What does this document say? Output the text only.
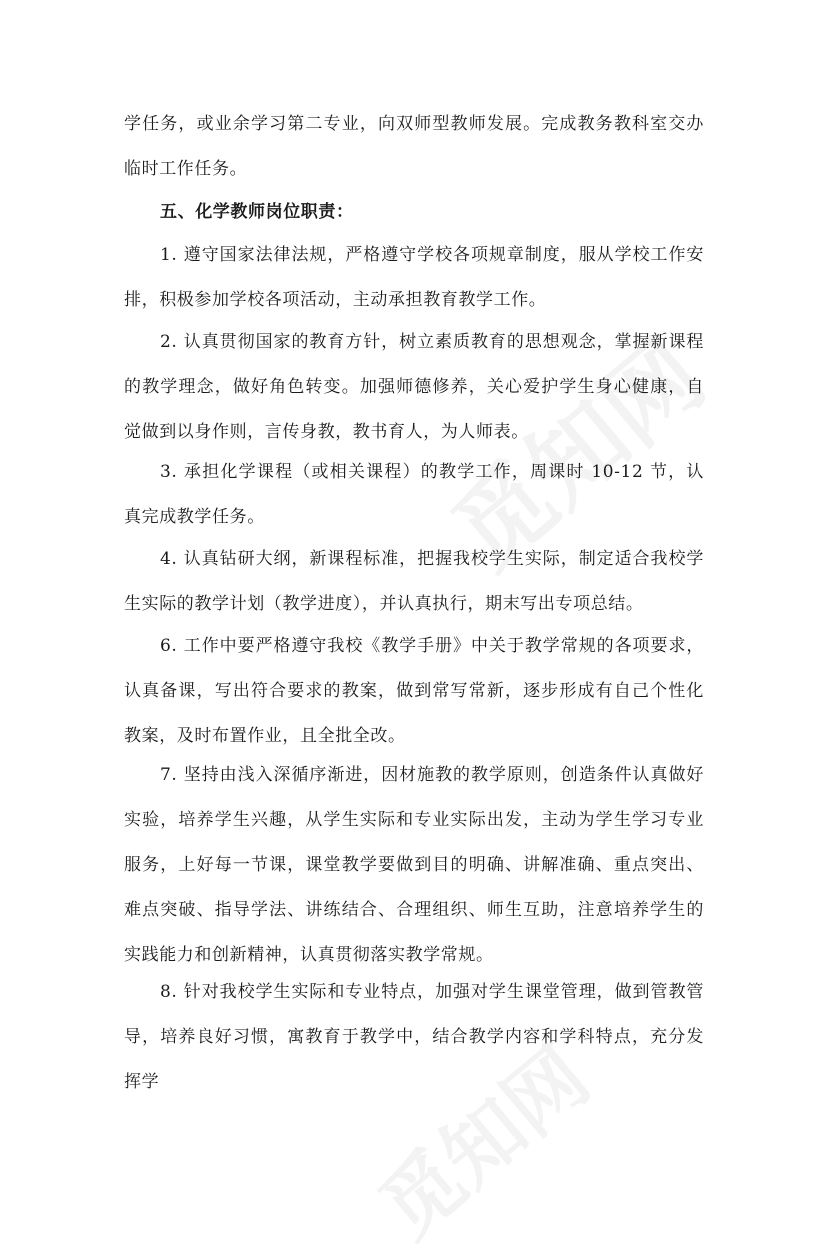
学任务，或业余学习第二专业，向双师型教师发展。完成教务教科室交办临时工作任务。
五、化学教师岗位职责：
1. 遵守国家法律法规，严格遵守学校各项规章制度，服从学校工作安排，积极参加学校各项活动，主动承担教育教学工作。
2. 认真贯彻国家的教育方针，树立素质教育的思想观念，掌握新课程的教学理念，做好角色转变。加强师德修养，关心爱护学生身心健康，自觉做到以身作则，言传身教，教书育人，为人师表。
3. 承担化学课程（或相关课程）的教学工作，周课时 10-12 节，认真完成教学任务。
4. 认真钻研大纲，新课程标准，把握我校学生实际，制定适合我校学生实际的教学计划（教学进度），并认真执行，期末写出专项总结。
6. 工作中要严格遵守我校《教学手册》中关于教学常规的各项要求，认真备课，写出符合要求的教案，做到常写常新，逐步形成有自己个性化教案，及时布置作业，且全批全改。
7. 坚持由浅入深循序渐进，因材施教的教学原则，创造条件认真做好实验，培养学生兴趣，从学生实际和专业实际出发，主动为学生学习专业服务，上好每一节课，课堂教学要做到目的明确、讲解准确、重点突出、难点突破、指导学法、讲练结合、合理组织、师生互助，注意培养学生的实践能力和创新精神，认真贯彻落实教学常规。
8. 针对我校学生实际和专业特点，加强对学生课堂管理，做到管教管导，培养良好习惯，寓教育于教学中，结合教学内容和学科特点，充分发挥学
